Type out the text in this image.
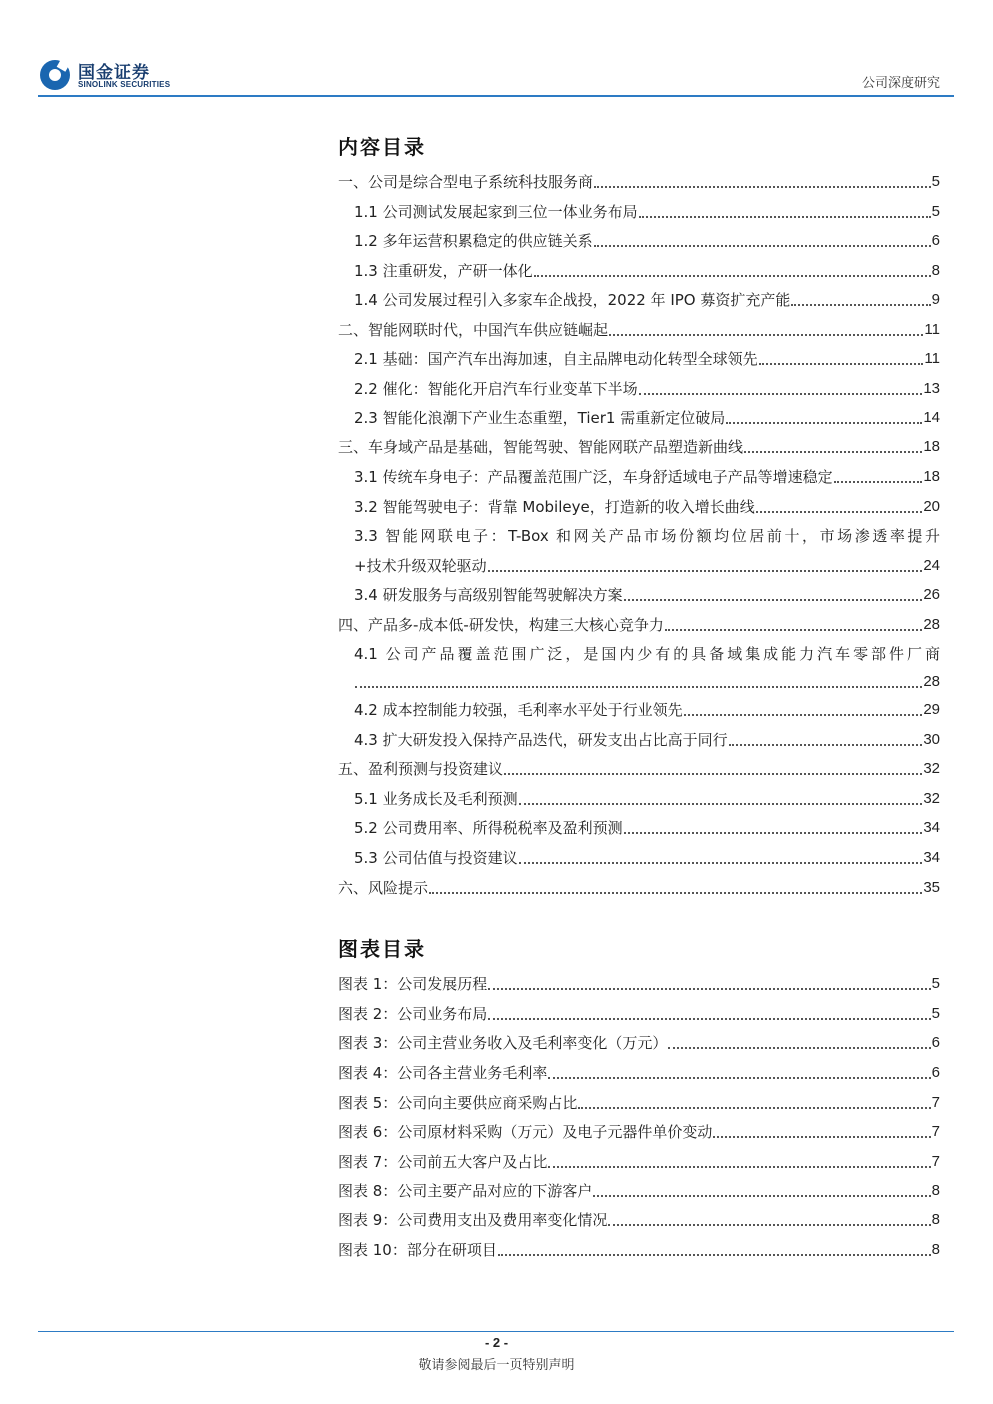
国金证券
SINOLINK SECURITIES	公司深度研究
内容目录
一、公司是综合型电子系统科技服务商	5
1.1 公司测试发展起家到三位一体业务布局	5
1.2 多年运营积累稳定的供应链关系	6
1.3 注重研发，产研一体化	8
1.4 公司发展过程引入多家车企战投，2022 年 IPO 募资扩充产能	9
二、智能网联时代，中国汽车供应链崛起	11
2.1 基础：国产汽车出海加速，自主品牌电动化转型全球领先	11
2.2 催化：智能化开启汽车行业变革下半场	13
2.3 智能化浪潮下产业生态重塑，Tier1 需重新定位破局	14
三、车身域产品是基础，智能驾驶、智能网联产品塑造新曲线	18
3.1 传统车身电子：产品覆盖范围广泛，车身舒适域电子产品等增速稳定	18
3.2 智能驾驶电子：背靠 Mobileye，打造新的收入增长曲线	20
3.3 智能网联电子：T-Box 和网关产品市场份额均位居前十，市场渗透率提升
+技术升级双轮驱动	24
3.4 研发服务与高级别智能驾驶解决方案	26
四、产品多-成本低-研发快，构建三大核心竞争力	28
4.1 公司产品覆盖范围广泛，是国内少有的具备域集成能力汽车零部件厂商
28
4.2 成本控制能力较强，毛利率水平处于行业领先	29
4.3 扩大研发投入保持产品迭代，研发支出占比高于同行	30
五、盈利预测与投资建议	32
5.1 业务成长及毛利预测	32
5.2 公司费用率、所得税税率及盈利预测	34
5.3 公司估值与投资建议	34
六、风险提示	35
图表目录
图表 1：公司发展历程	5
图表 2：公司业务布局	5
图表 3：公司主营业务收入及毛利率变化（万元）	6
图表 4：公司各主营业务毛利率	6
图表 5：公司向主要供应商采购占比	7
图表 6：公司原材料采购（万元）及电子元器件单价变动	7
图表 7：公司前五大客户及占比	7
图表 8：公司主要产品对应的下游客户	8
图表 9：公司费用支出及费用率变化情况	8
图表 10：部分在研项目	8
- 2 -
敬请参阅最后一页特别声明
